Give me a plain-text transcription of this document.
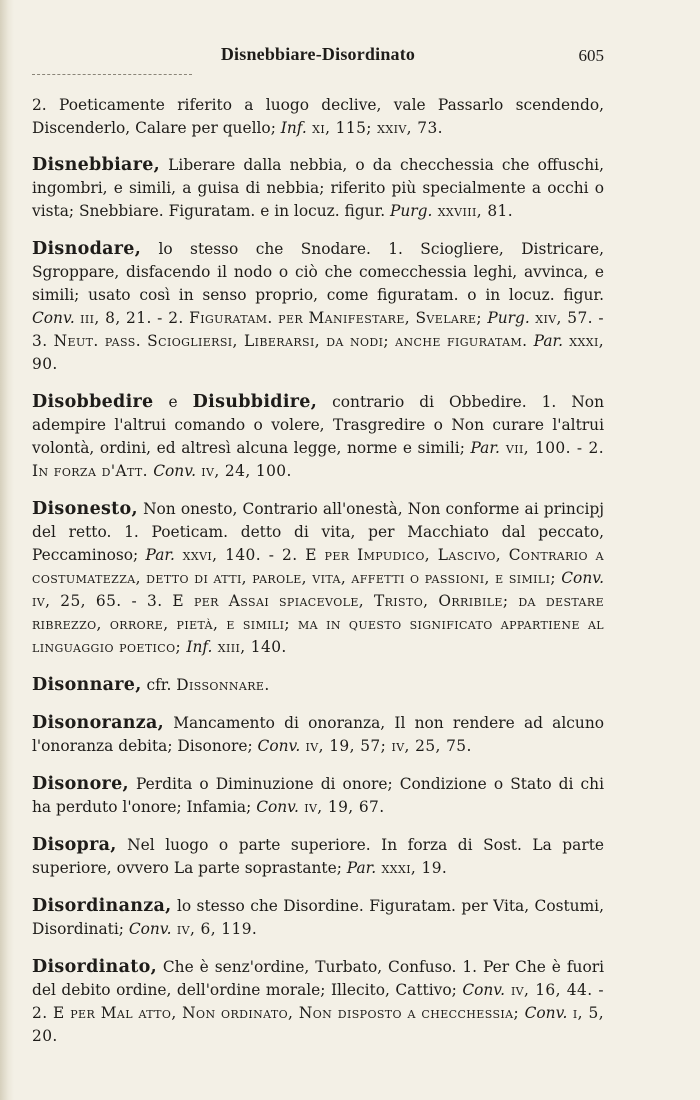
Disnebbiare-Disordinato	605

2. Poeticamente riferito a luogo declive, vale Passarlo scendendo, Discenderlo, Calare per quello; Inf. xi, 115; xxiv, 73.

Disnebbiare, Liberare dalla nebbia, o da checchessia che offuschi, ingombri, e simili, a guisa di nebbia; riferito più specialmente a occhi o vista; Snebbiare. Figuratam. e in locuz. figur. Purg. xxviii, 81.

Disnodare, lo stesso che Snodare. 1. Sciogliere, Districare, Sgroppare, disfacendo il nodo o ciò che comecchessia leghi, avvinca, e simili; usato così in senso proprio, come figuratam. o in locuz. figur. Conv. iii, 8, 21. - 2. Figuratam. per Manifestare, Svelare; Purg. xiv, 57. - 3. Neut. pass. Sciogliersi, Liberarsi, da nodi; anche figuratam. Par. xxxi, 90.

Disobbedire e Disubbidire, contrario di Obbedire. 1. Non adempire l'altrui comando o volere, Trasgredire o Non curare l'altrui volontà, ordini, ed altresì alcuna legge, norme e simili; Par. vii, 100. - 2. In forza d'Att. Conv. iv, 24, 100.

Disonesto, Non onesto, Contrario all'onestà, Non conforme ai principj del retto. 1. Poeticam. detto di vita, per Macchiato dal peccato, Peccaminoso; Par. xxvi, 140. - 2. E per Impudico, Lascivo, Contrario a costumatezza, detto di atti, parole, vita, affetti o passioni, e simili; Conv. iv, 25, 65. - 3. E per Assai spiacevole, Tristo, Orribile; da destare ribrezzo, orrore, pietà, e simili; ma in questo significato appartiene al linguaggio poetico; Inf. xiii, 140.

Disonnare, cfr. Dissonnare.

Disonoranza, Mancamento di onoranza, Il non rendere ad alcuno l'onoranza debita; Disonore; Conv. iv, 19, 57; iv, 25, 75.

Disonore, Perdita o Diminuzione di onore; Condizione o Stato di chi ha perduto l'onore; Infamia; Conv. iv, 19, 67.

Disopra, Nel luogo o parte superiore. In forza di Sost. La parte superiore, ovvero La parte soprastante; Par. xxxi, 19.

Disordinanza, lo stesso che Disordine. Figuratam. per Vita, Costumi, Disordinati; Conv. iv, 6, 119.

Disordinato, Che è senz'ordine, Turbato, Confuso. 1. Per Che è fuori del debito ordine, dell'ordine morale; Illecito, Cattivo; Conv. iv, 16, 44. - 2. E per Mal atto, Non ordinato, Non disposto a checchessia; Conv. i, 5, 20.
